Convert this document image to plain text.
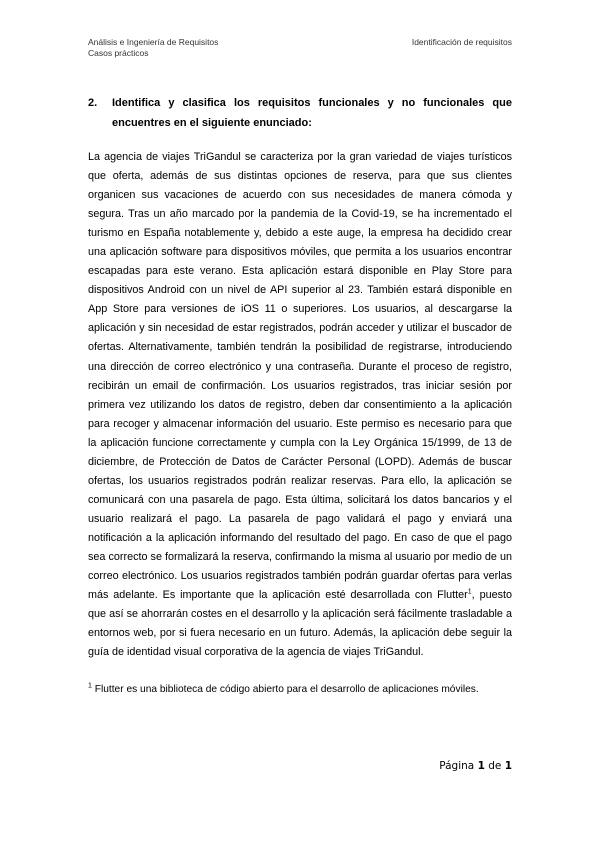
Análisis e Ingeniería de Requisitos
Casos prácticos
Identificación de requisitos
2. Identifica y clasifica los requisitos funcionales y no funcionales que encuentres en el siguiente enunciado:

La agencia de viajes TriGandul se caracteriza por la gran variedad de viajes turísticos que oferta, además de sus distintas opciones de reserva, para que sus clientes organicen sus vacaciones de acuerdo con sus necesidades de manera cómoda y segura. Tras un año marcado por la pandemia de la Covid-19, se ha incrementado el turismo en España notablemente y, debido a este auge, la empresa ha decidido crear una aplicación software para dispositivos móviles, que permita a los usuarios encontrar escapadas para este verano. Esta aplicación estará disponible en Play Store para dispositivos Android con un nivel de API superior al 23. También estará disponible en App Store para versiones de iOS 11 o superiores. Los usuarios, al descargarse la aplicación y sin necesidad de estar registrados, podrán acceder y utilizar el buscador de ofertas. Alternativamente, también tendrán la posibilidad de registrarse, introduciendo una dirección de correo electrónico y una contraseña. Durante el proceso de registro, recibirán un email de confirmación. Los usuarios registrados, tras iniciar sesión por primera vez utilizando los datos de registro, deben dar consentimiento a la aplicación para recoger y almacenar información del usuario. Este permiso es necesario para que la aplicación funcione correctamente y cumpla con la Ley Orgánica 15/1999, de 13 de diciembre, de Protección de Datos de Carácter Personal (LOPD). Además de buscar ofertas, los usuarios registrados podrán realizar reservas. Para ello, la aplicación se comunicará con una pasarela de pago. Esta última, solicitará los datos bancarios y el usuario realizará el pago. La pasarela de pago validará el pago y enviará una notificación a la aplicación informando del resultado del pago. En caso de que el pago sea correcto se formalizará la reserva, confirmando la misma al usuario por medio de un correo electrónico. Los usuarios registrados también podrán guardar ofertas para verlas más adelante. Es importante que la aplicación esté desarrollada con Flutter$^1$, puesto que así se ahorrarán costes en el desarrollo y la aplicación será fácilmente trasladable a entornos web, por si fuera necesario en un futuro. Además, la aplicación debe seguir la guía de identidad visual corporativa de la agencia de viajes TriGandul.

$^1$ Flutter es una biblioteca de código abierto para el desarrollo de aplicaciones móviles.

Página 1 de 1
